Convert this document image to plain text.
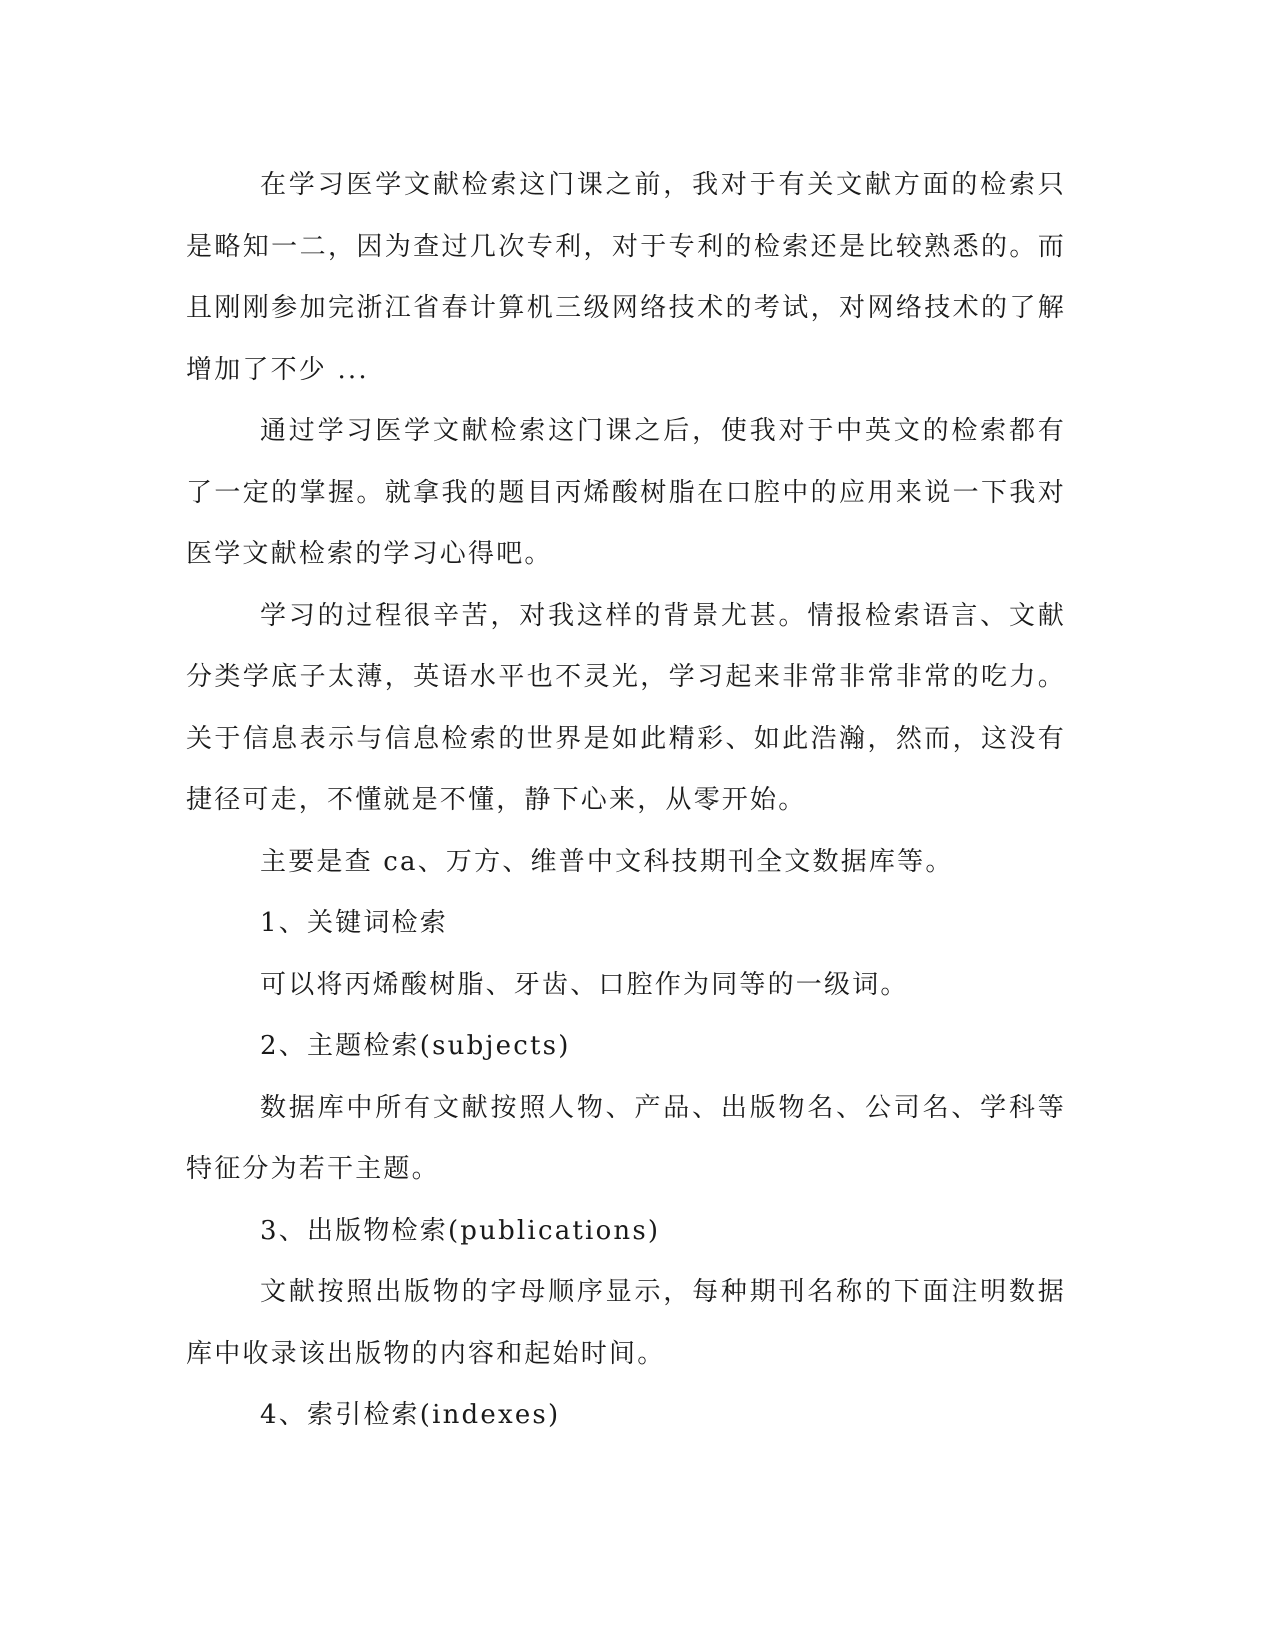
在学习医学文献检索这门课之前，我对于有关文献方面的检索只是略知一二，因为查过几次专利，对于专利的检索还是比较熟悉的。而且刚刚参加完浙江省春计算机三级网络技术的考试，对网络技术的了解增加了不少 ...

通过学习医学文献检索这门课之后，使我对于中英文的检索都有了一定的掌握。就拿我的题目丙烯酸树脂在口腔中的应用来说一下我对医学文献检索的学习心得吧。

学习的过程很辛苦，对我这样的背景尤甚。情报检索语言、文献分类学底子太薄，英语水平也不灵光，学习起来非常非常非常的吃力。关于信息表示与信息检索的世界是如此精彩、如此浩瀚，然而，这没有捷径可走，不懂就是不懂，静下心来，从零开始。

主要是查 ca、万方、维普中文科技期刊全文数据库等。

1、关键词检索

可以将丙烯酸树脂、牙齿、口腔作为同等的一级词。

2、主题检索(subjects)

数据库中所有文献按照人物、产品、出版物名、公司名、学科等特征分为若干主题。

3、出版物检索(publications)

文献按照出版物的字母顺序显示，每种期刊名称的下面注明数据库中收录该出版物的内容和起始时间。

4、索引检索(indexes)
